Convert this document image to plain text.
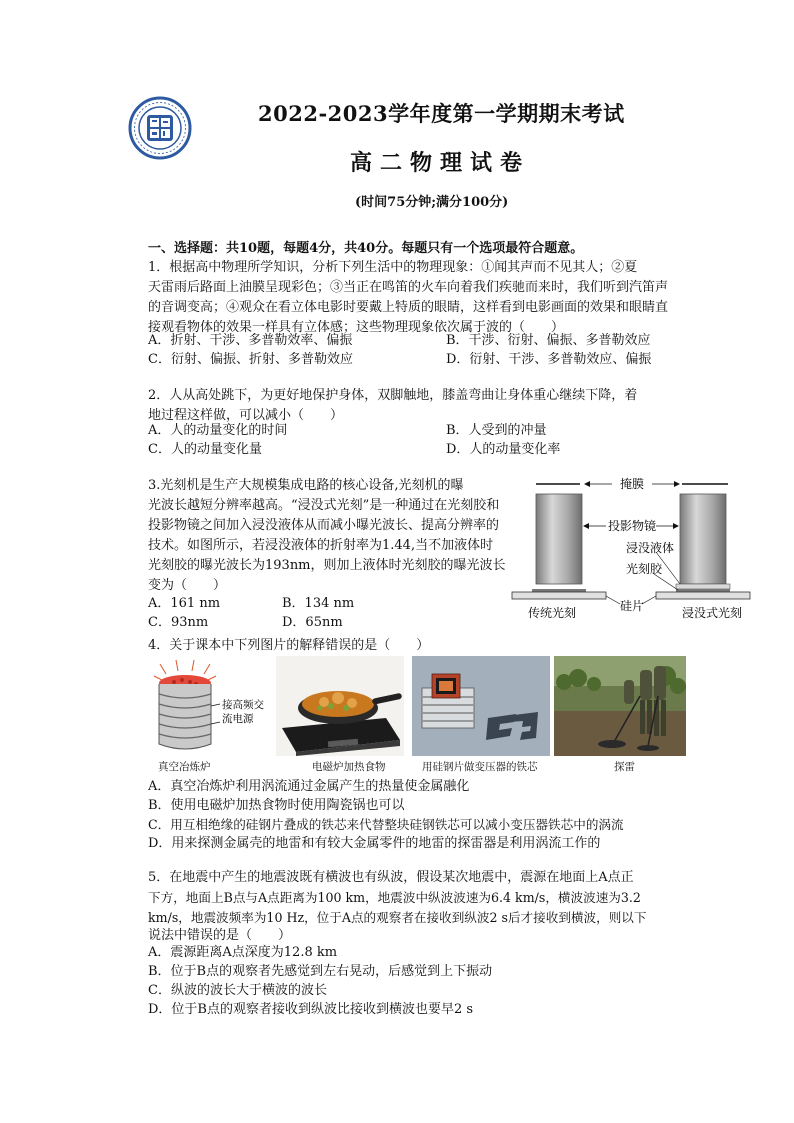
2022-2023学年度第一学期期末考试
高二物理试卷
(时间75分钟;满分100分)
一、选择题：共10题，每题4分，共40分。每题只有一个选项最符合题意。
1．根据高中物理所学知识，分析下列生活中的物理现象：①闻其声而不见其人；②夏
天雷雨后路面上油膜呈现彩色；③当正在鸣笛的火车向着我们疾驰而来时，我们听到汽笛声
的音调变高；④观众在看立体电影时要戴上特质的眼睛，这样看到电影画面的效果和眼睛直
接观看物体的效果一样具有立体感；这些物理现象依次属于波的（　　）
A．折射、干涉、多普勒效率、偏振	B．干涉、衍射、偏振、多普勒效应
C．衍射、偏振、折射、多普勒效应	D．衍射、干涉、多普勒效应、偏振
2．人从高处跳下，为更好地保护身体，双脚触地，膝盖弯曲让身体重心继续下降，着
地过程这样做，可以减小（　　）
A．人的动量变化的时间	B．人受到的冲量
C．人的动量变化量	D．人的动量变化率
3.光刻机是生产大规模集成电路的核心设备,光刻机的曝
光波长越短分辨率越高。“浸没式光刻”是一种通过在光刻胶和
投影物镜之间加入浸没液体从而减小曝光波长、提高分辨率的
技术。如图所示，若浸没液体的折射率为1.44,当不加液体时
光刻胶的曝光波长为193nm，则加上液体时光刻胶的曝光波长
变为（　　）
A．161 nm	B．134 nm
C．93nm	D．65nm
掩膜
投影物镜
浸没液体
光刻胶
硅片
传统光刻	浸没式光刻
4．关于课本中下列图片的解释错误的是（　　）
接高频交
流电源
真空冶炼炉	电磁炉加热食物	用硅钢片做变压器的铁芯	探雷
A．真空冶炼炉利用涡流通过金属产生的热量使金属融化
B．使用电磁炉加热食物时使用陶瓷锅也可以
C．用互相绝缘的硅钢片叠成的铁芯来代替整块硅钢铁芯可以减小变压器铁芯中的涡流
D．用来探测金属壳的地雷和有较大金属零件的地雷的探雷器是利用涡流工作的
5．在地震中产生的地震波既有横波也有纵波，假设某次地震中，震源在地面上A点正
下方，地面上B点与A点距离为100 km，地震波中纵波波速为6.4 km/s，横波波速为3.2
km/s，地震波频率为10 Hz，位于A点的观察者在接收到纵波2 s后才接收到横波，则以下
说法中错误的是（　　）
A．震源距离A点深度为12.8 km
B．位于B点的观察者先感觉到左右晃动，后感觉到上下振动
C．纵波的波长大于横波的波长
D．位于B点的观察者接收到纵波比接收到横波也要早2 s
